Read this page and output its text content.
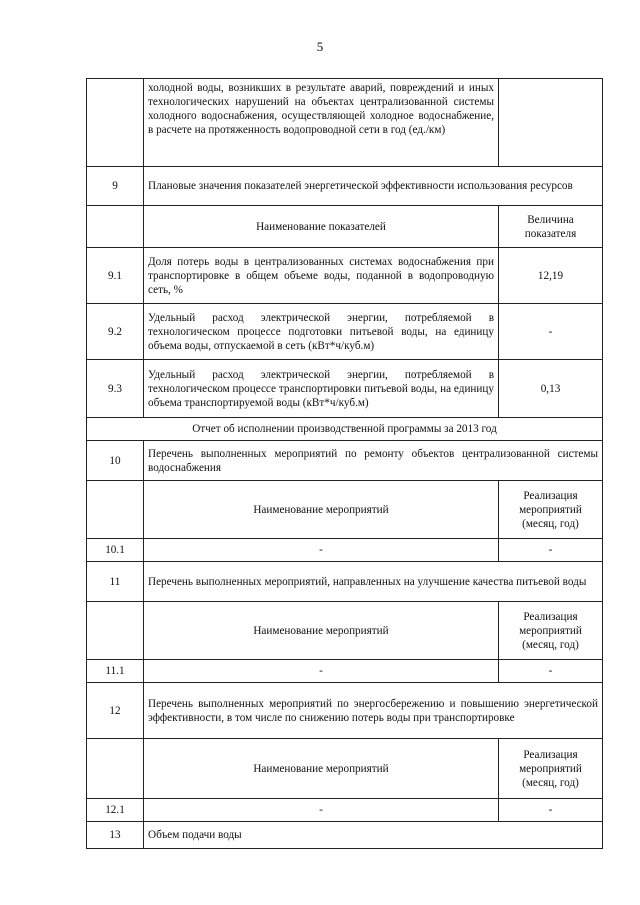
5
	холодной воды, возникших в результате аварий, повреждений и иных технологических нарушений на объектах централизованной системы холодного водоснабжения, осуществляющей холодное водоснабжение, в расчете на протяженность водопроводной сети в год (ед./км)	
9	Плановые значения показателей энергетической эффективности использования ресурсов	
	Наименование показателей	Величина показателя
9.1	Доля потерь воды в централизованных системах водоснабжения при транспортировке в общем объеме воды, поданной в водопроводную сеть, %	12,19
9.2	Удельный расход электрической энергии, потребляемой в технологическом процессе подготовки питьевой воды, на единицу объема воды, отпускаемой в сеть (кВт*ч/куб.м)	-
9.3	Удельный расход электрической энергии, потребляемой в технологическом процессе транспортировки питьевой воды, на единицу объема транспортируемой воды (кВт*ч/куб.м)	0,13
Отчет об исполнении производственной программы за 2013 год		
10	Перечень выполненных мероприятий по ремонту объектов централизованной системы водоснабжения	
	Наименование мероприятий	Реализация мероприятий (месяц, год)
10.1	-	-
11	Перечень выполненных мероприятий, направленных на улучшение качества питьевой воды	
	Наименование мероприятий	Реализация мероприятий (месяц, год)
11.1	-	-
12	Перечень выполненных мероприятий по энергосбережению и повышению энергетической эффективности, в том числе по снижению потерь воды при транспортировке	
	Наименование мероприятий	Реализация мероприятий (месяц, год)
12.1	-	-
13	Объем подачи воды	
